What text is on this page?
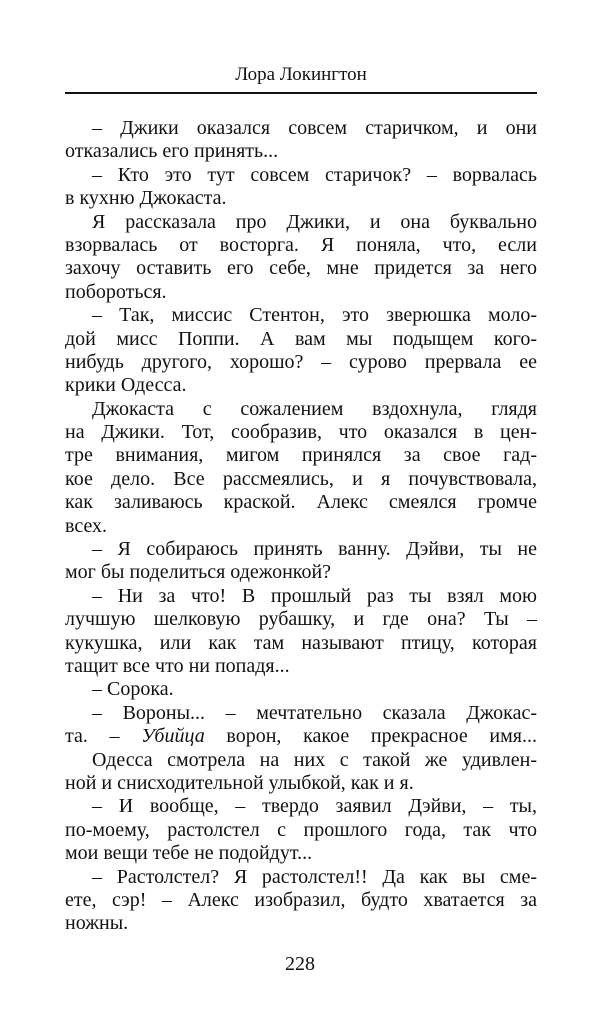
Лора Локингтон
– Джики оказался совсем старичком, и они
отказались его принять...
– Кто это тут совсем старичок? – ворвалась
в кухню Джокаста.
Я рассказала про Джики, и она буквально
взорвалась от восторга. Я поняла, что, если
захочу оставить его себе, мне придется за него
побороться.
– Так, миссис Стентон, это зверюшка моло-
дой мисс Поппи. А вам мы подыщем кого-
нибудь другого, хорошо? – сурово прервала ее
крики Одесса.
Джокаста с сожалением вздохнула, глядя
на Джики. Тот, сообразив, что оказался в цен-
тре внимания, мигом принялся за свое гад-
кое дело. Все рассмеялись, и я почувствовала,
как заливаюсь краской. Алекс смеялся громче
всех.
– Я собираюсь принять ванну. Дэйви, ты не
мог бы поделиться одежонкой?
– Ни за что! В прошлый раз ты взял мою
лучшую шелковую рубашку, и где она? Ты –
кукушка, или как там называют птицу, которая
тащит все что ни попадя...
– Сорока.
– Вороны... – мечтательно сказала Джокас-
та. – Убийца ворон, какое прекрасное имя...
Одесса смотрела на них с такой же удивлен-
ной и снисходительной улыбкой, как и я.
– И вообще, – твердо заявил Дэйви, – ты,
по-моему, растолстел с прошлого года, так что
мои вещи тебе не подойдут...
– Растолстел? Я растолстел!! Да как вы сме-
ете, сэр! – Алекс изобразил, будто хватается за
ножны.
228
